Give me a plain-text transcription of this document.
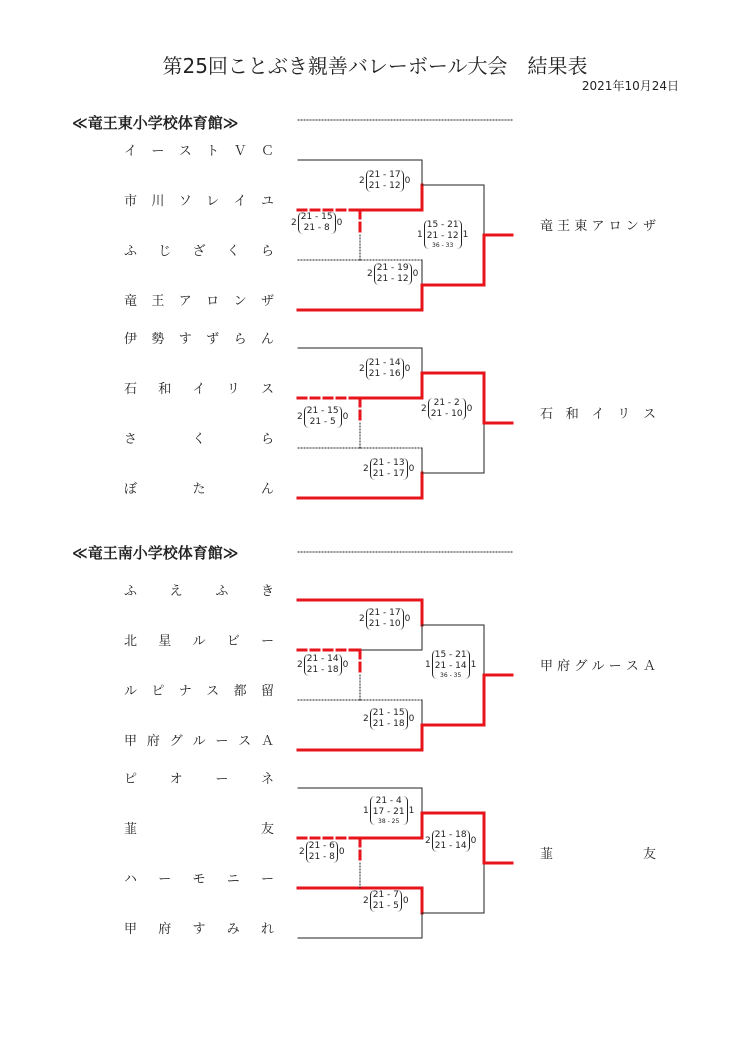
第25回ことぶき親善バレーボール大会　結果表
2021年10月24日
≪竜王東小学校体育館≫
≪竜王南小学校体育館≫
イ ー ス ト Ｖ Ｃ
市 川 ソ レ イ ユ
ふ じ ざ く ら
竜 王 ア ロ ン ザ
伊 勢 す ず ら ん
石 和 イ リ ス
さ	く	ら
ぼ	た	ん
ふ	え	ふ	き
北 星 ル ビ ー
ル ピ ナ ス 都 留
甲 府 グ ル ー ス Ａ
ピ	オ	ー	ネ
韮	友
ハ ー モ ニ ー
甲 府 す み れ
竜 王 東 ア ロ ン ザ
石 和 イ リ ス
甲 府 グ ル ー ス Ａ
韮	友
2
21 - 17
21 - 12 0
2
21 - 15
21 - 8 0
2
21 - 19
21 - 12 0
1
15 - 21
21 - 12
36 - 33
1
2
21 - 14
21 - 16 0
2
21 - 15
21 - 5 0
2
21 - 13
21 - 17 0
2
21 - 2
21 - 10 0
2
21 - 17
21 - 10 0
2
21 - 14
21 - 18 0
2
21 - 15
21 - 18 0
1
15 - 21
21 - 14
36 - 35
1
1
21 - 4
17 - 21
38 - 25
1
2
21 - 6
21 - 8 0
2
21 - 7
21 - 5 0
2
21 - 18
21 - 14 0
